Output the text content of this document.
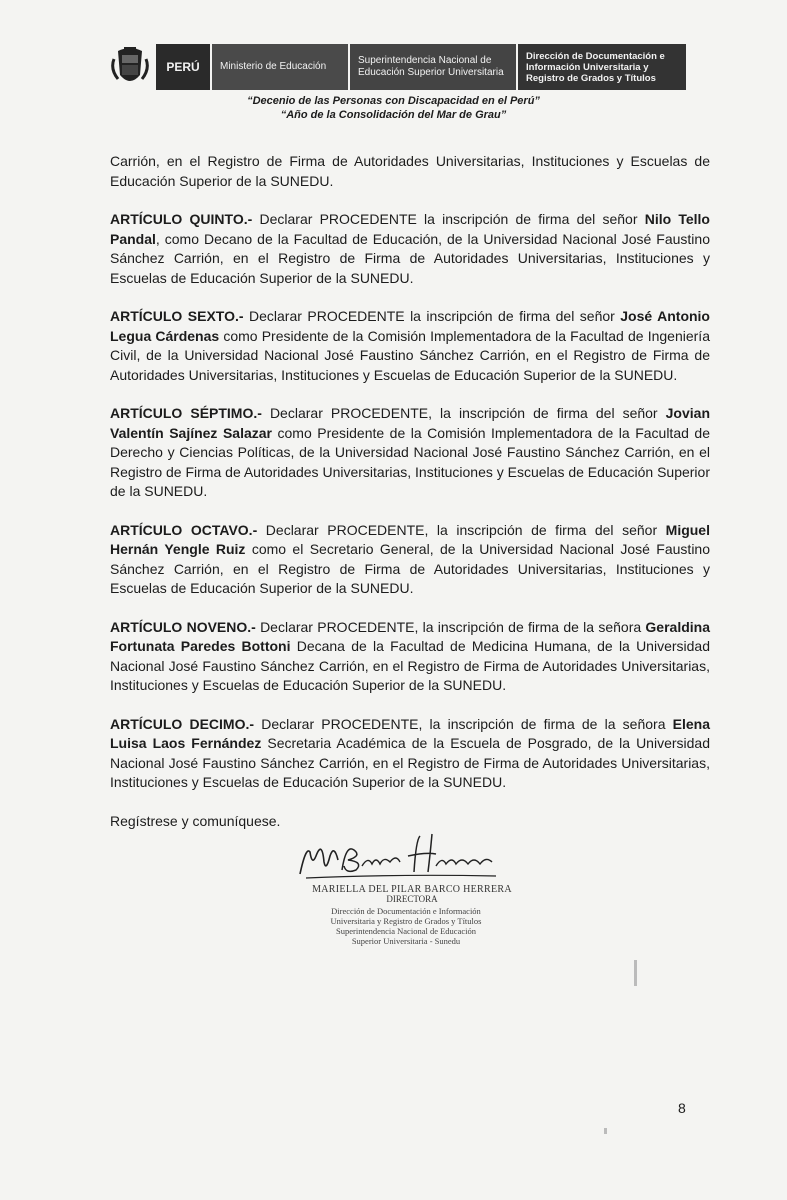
PERÚ	Ministerio de Educación
Superintendencia Nacional de Educación Superior Universitaria
Dirección de Documentación e Información Universitaria y Registro de Grados y Títulos
“Decenio de las Personas con Discapacidad en el Perú”
“Año de la Consolidación del Mar de Grau”

Carrión, en el Registro de Firma de Autoridades Universitarias, Instituciones y Escuelas de Educación Superior de la SUNEDU.

ARTÍCULO QUINTO.- Declarar PROCEDENTE la inscripción de firma del señor Nilo Tello Pandal, como Decano de la Facultad de Educación, de la Universidad Nacional José Faustino Sánchez Carrión, en el Registro de Firma de Autoridades Universitarias, Instituciones y Escuelas de Educación Superior de la SUNEDU.

ARTÍCULO SEXTO.- Declarar PROCEDENTE la inscripción de firma del señor José Antonio Legua Cárdenas como Presidente de la Comisión Implementadora de la Facultad de Ingeniería Civil, de la Universidad Nacional José Faustino Sánchez Carrión, en el Registro de Firma de Autoridades Universitarias, Instituciones y Escuelas de Educación Superior de la SUNEDU.

ARTÍCULO SÉPTIMO.- Declarar PROCEDENTE, la inscripción de firma del señor Jovian Valentín Sajínez Salazar como Presidente de la Comisión Implementadora de la Facultad de Derecho y Ciencias Políticas, de la Universidad Nacional José Faustino Sánchez Carrión, en el Registro de Firma de Autoridades Universitarias, Instituciones y Escuelas de Educación Superior de la SUNEDU.

ARTÍCULO OCTAVO.- Declarar PROCEDENTE, la inscripción de firma del señor Miguel Hernán Yengle Ruiz como el Secretario General, de la Universidad Nacional José Faustino Sánchez Carrión, en el Registro de Firma de Autoridades Universitarias, Instituciones y Escuelas de Educación Superior de la SUNEDU.

ARTÍCULO NOVENO.- Declarar PROCEDENTE, la inscripción de firma de la señora Geraldina Fortunata Paredes Bottoni Decana de la Facultad de Medicina Humana, de la Universidad Nacional José Faustino Sánchez Carrión, en el Registro de Firma de Autoridades Universitarias, Instituciones y Escuelas de Educación Superior de la SUNEDU.

ARTÍCULO DECIMO.- Declarar PROCEDENTE, la inscripción de firma de la señora Elena Luisa Laos Fernández Secretaria Académica de la Escuela de Posgrado, de la Universidad Nacional José Faustino Sánchez Carrión, en el Registro de Firma de Autoridades Universitarias, Instituciones y Escuelas de Educación Superior de la SUNEDU.

Regístrese y comuníquese.

MARIELLA DEL PILAR BARCO HERRERA
DIRECTORA
Dirección de Documentación e Información
Universitaria y Registro de Grados y Títulos
Superintendencia Nacional de Educación
Superior Universitaria - Sunedu
8
